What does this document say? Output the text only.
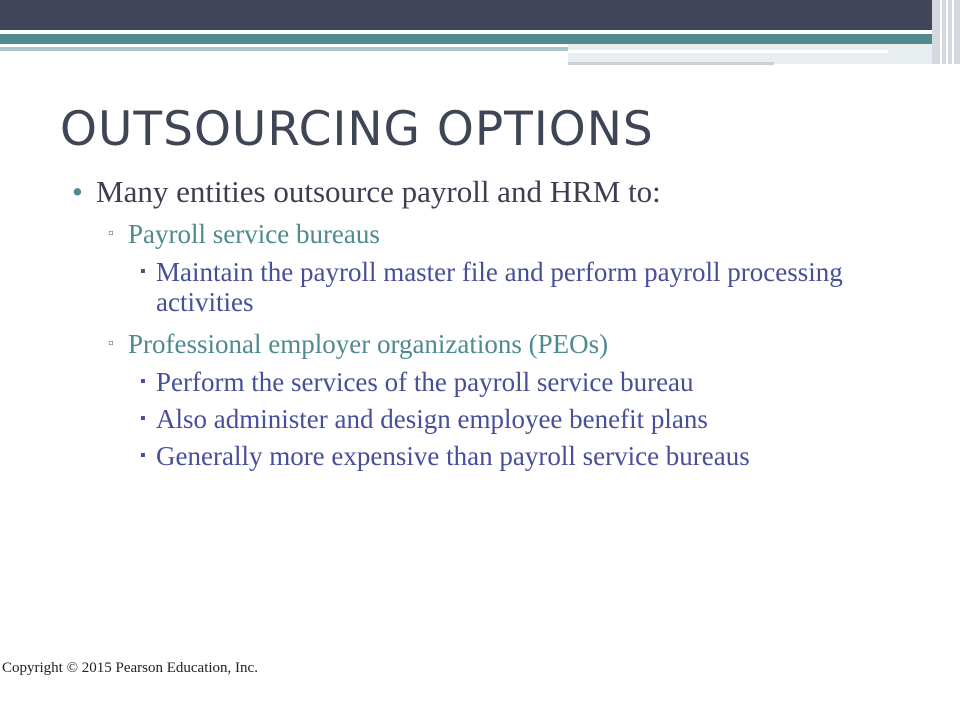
OUTSOURCING OPTIONS
• Many entities outsource payroll and HRM to:
▫ Payroll service bureaus
▪ Maintain the payroll master file and perform payroll processing activities
▫ Professional employer organizations (PEOs)
▪ Perform the services of the payroll service bureau
▪ Also administer and design employee benefit plans
▪ Generally more expensive than payroll service bureaus
Copyright © 2015 Pearson Education, Inc.
